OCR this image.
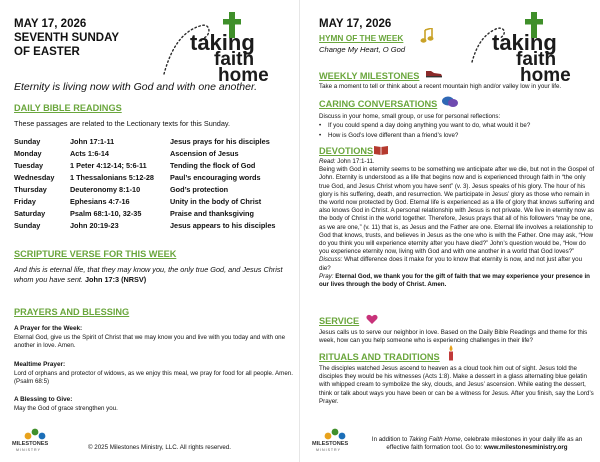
MAY 17, 2026
SEVENTH SUNDAY
OF EASTER	taking
faith
home
Eternity is living now with God and with one another.
DAILY BIBLE READINGS
These passages are related to the Lectionary texts for this Sunday.
Sunday	John 17:1-11	Jesus prays for his disciples
Monday	Acts 1:6-14	Ascension of Jesus
Tuesday	1 Peter 4:12-14; 5:6-11	Tending the flock of God
Wednesday	1 Thessalonians 5:12-28	Paul’s encouraging words
Thursday	Deuteronomy 8:1-10	God’s protection
Friday	Ephesians 4:7-16	Unity in the body of Christ
Saturday	Psalm 68:1-10, 32-35	Praise and thanksgiving
Sunday	John 20:19-23	Jesus appears to his disciples
SCRIPTURE VERSE FOR THIS WEEK
And this is eternal life, that they may know you, the only true God, and Jesus Christ whom you have sent. John 17:3 (NRSV)
PRAYERS AND BLESSING
A Prayer for the Week:
Eternal God, give us the Spirit of Christ that we may know you and live with you today and with one another in love. Amen.
Mealtime Prayer:
Lord of orphans and protector of widows, as we enjoy this meal, we pray for food for all people. Amen. (Psalm 68:5)
A Blessing to Give:
May the God of grace strengthen you.
MILESTONES
M I N I S T R Y	© 2025 Milestones Ministry, LLC. All rights reserved.
MAY 17, 2026
HYMN OF THE WEEK
Change My Heart, O God	taking
faith
home
WEEKLY MILESTONES
Take a moment to tell or think about a recent mountain high and/or valley low in your life.
CARING CONVERSATIONS
Discuss in your home, small group, or use for personal reflections:
• If you could spend a day doing anything you want to do, what would it be?
• How is God’s love different than a friend’s love?
DEVOTIONS
Read: John 17:1-11.
Being with God in eternity seems to be something we anticipate after we die, but not in the Gospel of John. Eternity is understood as a life that begins now and is experienced through faith in “the only true God, and Jesus Christ whom you have sent” (v. 3). Jesus speaks of his glory. The hour of his glory is his suffering, death, and resurrection. We participate in Jesus’ glory as those who remain in the world now protected by God. Eternal life is experienced as a life of glory that knows suffering and also knows God in Christ. A personal relationship with Jesus is not private. We live in eternity now as the body of Christ in the world together. Therefore, Jesus prays that all of his followers “may be one, as we are one,” (v. 11) that is, as Jesus and the Father are one. Eternal life involves a relationship to God that knows, trusts, and believes in Jesus as the one who is with the Father. One may ask, “How do you think you will experience eternity after you have died?” John’s question would be, “How do you experience eternity now, living with God and with one another in a world that God loves?”
Discuss: What difference does it make for you to know that eternity is now, and not just after you die?
Pray: Eternal God, we thank you for the gift of faith that we may experience your presence in our lives through the body of Christ. Amen.
SERVICE
Jesus calls us to serve our neighbor in love. Based on the Daily Bible Readings and theme for this week, how can you help someone who is experiencing challenges in their life?
RITUALS AND TRADITIONS
The disciples watched Jesus ascend to heaven as a cloud took him out of sight. Jesus told the disciples they would be his witnesses (Acts 1:8). Make a dessert in a glass alternating blue gelatin with whipped cream to symbolize the sky, clouds, and Jesus’ ascension. While eating the dessert, think or talk about ways you have been or can be a witness for Jesus. After you finish, say the Lord’s Prayer.
MILESTONES
M I N I S T R Y
In addition to Taking Faith Home, celebrate milestones in your daily life as an effective faith formation tool. Go to: www.milestonesministry.org
